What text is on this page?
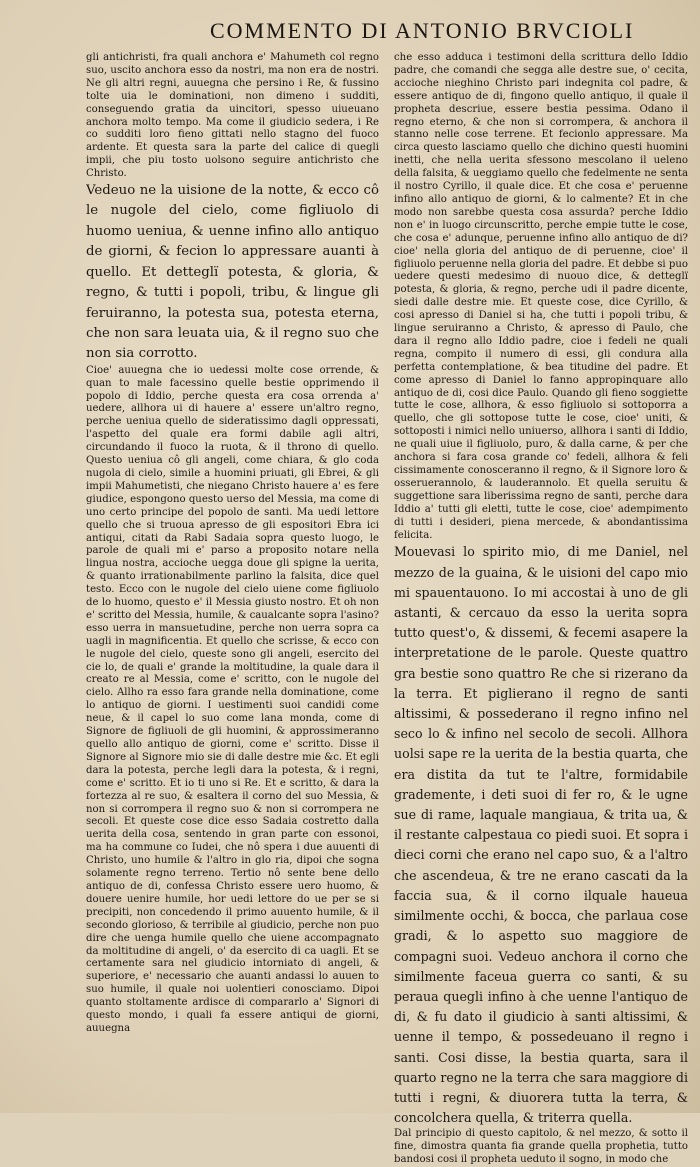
COMMENTO DI ANTONIO BRVCIOLI

gli antichristi, fra quali anchora e' Mahumeth col regno suo, uscito anchora esso da nostri, ma non era de nostri. Ne gli altri regni, auuegna che persino i Re, & fussino tolte uia le dominationi, non dimeno i sudditi, conseguendo gratia da uincitori, spesso uiueuano anchora molto tempo. Ma come il giudicio sedera, i Re co sudditi loro fieno gittati nello stagno del fuoco ardente. Et questa sara la parte del calice di quegli impii, che piu tosto uolsono seguire antichristo che Christo.

Vedeuo ne la uisione de la notte, & ecco cô le nugole del cielo, come figliuolo di huomo ueniua, & uenne infino allo antiquo de giorni, & fecion lo appressare auanti à quello. Et detteglï potesta, & gloria, & regno, & tutti i popoli, tribu, & lingue gli feruiranno, la potesta sua, potesta eterna, che non sara leuata uia, & il regno suo che non sia corrotto.

Cioe' auuegna che io uedessi molte cose orrende, & quan to male facessino quelle bestie opprimendo il popolo di Iddio, perche questa era cosa orrenda a' uedere, allhora ui di hauere a' essere un'altro regno, perche ueniua quello de sideratissimo dagli oppressati, l'aspetto del quale era formi dabile agli altri, circundando il fuoco la ruota, & il throno di quello. Questo ueniua cô gli angeli, come chiara, & glo coda nugola di cielo, simile a huomini priuati, gli Ebrei, & gli impii Mahumetisti, che niegano Christo hauere a' es fere giudice, espongono questo uerso del Messia, ma come di uno certo principe del popolo de santi. Ma uedi lettore quello che si truoua apresso de gli espositori Ebra ici antiqui, citati da Rabi Sadaia sopra questo luogo, le parole de quali mi e' parso a proposito notare nella lingua nostra, accioche uegga doue gli spigne la uerita, & quanto irrationabilmente parlino la falsita, dice quel testo. Ecco con le nugole del cielo uiene come figliuolo de lo huomo, questo e' il Messia giusto nostro. Et oh non e' scritto del Messia, humile, & caualcante sopra l'asino? esso uerra in mansuetudine, perche non uerra sopra ca uagli in magnificentia. Et quello che scrisse, & ecco con le nugole del cielo, queste sono gli angeli, esercito del cie lo, de quali e' grande la moltitudine, la quale dara il creato re al Messia, come e' scritto, con le nugole del cielo. Allho ra esso fara grande nella dominatione, come lo antiquo de giorni. I uestimenti suoi candidi come neue, & il capel lo suo come lana monda, come di Signore de figliuoli de gli huomini, & approssimeranno quello allo antiquo de giorni, come e' scritto. Disse il Signore al Signore mio sie di dalle destre mie &c. Et egli dara la potesta, perche legli dara la potesta, & i regni, come e' scritto. Et io ti uno si Re. Et e scritto, & dara la fortezza al re suo, & esaltera il corno del suo Messia, & non si corrompera il regno suo & non si corrompera ne secoli. Et queste cose dice esso Sadaia costretto dalla uerita della cosa, sentendo in gran parte con essonoi, ma ha commune co Iudei, che nô spera i due auuenti di Christo, uno humile & l'altro in glo ria, dipoi che sogna solamente regno terreno. Tertio nô sente bene dello antiquo de di, confessa Christo essere uero huomo, & douere uenire humile, hor uedi lettore do ue per se si precipiti, non concedendo il primo auuento humile, & il secondo glorioso, & terribile al giudicio, perche non puo dire che uenga humile quello che uiene accompagnato da moltitudine di angeli, o' da esercito di ca uagli. Et se certamente sara nel giudicio intorniato di angeli, & superiore, e' necessario che auanti andassi lo auuen to suo humile, il quale noi uolentieri conosciamo. Dipoi quanto stoltamente ardisce di compararlo a' Signori di questo mondo, i quali fa essere antiqui de giorni, auuegna

che esso adduca i testimoni della scrittura dello Iddio padre, che comandi che segga alle destre sue, o' cecita, accioche nieghino Christo pari indegnita col padre, & essere antiquo de di, fingono quello antiquo, il quale il propheta descriue, essere bestia pessima. Odano il regno eterno, & che non si corrompera, & anchora il stanno nelle cose terrene. Et fecionlo appressare. Ma circa questo lasciamo quello che dichino questi huomini inetti, che nella uerita sfessono mescolano il ueleno della falsita, & ueggiamo quello che fedelmente ne senta il nostro Cyrillo, il quale dice. Et che cosa e' peruenne infino allo antiquo de giorni, & lo calmente? Et in che modo non sarebbe questa cosa assurda? perche Iddio non e' in luogo circunscritto, perche empie tutte le cose, che cosa e' adunque, peruenne infino allo antiquo de di? cioe' nella gloria del antiquo de di peruenne, cioe' il figliuolo peruenne nella gloria del padre. Et debbe si puo uedere questi medesimo di nuouo dice, & detteglï potesta, & gloria, & regno, perche udi il padre dicente, siedi dalle destre mie. Et queste cose, dice Cyrillo, & cosi apresso di Daniel si ha, che tutti i popoli tribu, & lingue seruiranno a Christo, & apresso di Paulo, che dara il regno allo Iddio padre, cioe i fedeli ne quali regna, compito il numero di essi, gli condura alla perfetta contemplatione, & bea titudine del padre. Et come apresso di Daniel lo fanno appropinquare allo antiquo de di, cosi dice Paulo. Quando gli fieno soggiette tutte le cose, allhora, & esso figliuolo si sottoporra a quello, che gli sottopose tutte le cose, cioe' uniti, & sottoposti i nimici nello uniuerso, allhora i santi di Iddio, ne quali uiue il figliuolo, puro, & dalla carne, & per che anchora si fara cosa grande co' fedeli, allhora & feli cissimamente conosceranno il regno, & il Signore loro & osseruerannolo, & lauderannolo. Et quella seruitu & suggettione sara liberissima regno de santi, perche dara Iddio a' tutti gli eletti, tutte le cose, cioe' adempimento di tutti i desideri, piena mercede, & abondantissima felicita.

Mouevasi lo spirito mio, di me Daniel, nel mezzo de la guaina, & le uisioni del capo mio mi spauentauono. Io mi accostai à uno de gli astanti, & cercauo da esso la uerita sopra tutto quest'o, & dissemi, & fecemi asapere la interpretatione de le parole. Queste quattro gra bestie sono quattro Re che si rizerano da la terra. Et piglierano il regno de santi altissimi, & possederano il regno infino nel seco lo & infino nel secolo de secoli. Allhora uolsi sape re la uerita de la bestia quarta, che era distita da tut te l'altre, formidabile grademente, i deti suoi di fer ro, & le ugne sue di rame, laquale mangiaua, & trita ua, & il restante calpestaua co piedi suoi. Et sopra i dieci corni che erano nel capo suo, & a l'altro che ascendeua, & tre ne erano cascati da la faccia sua, & il corno ilquale haueua similmente occhi, & bocca, che parlaua cose gradi, & lo aspetto suo maggiore de compagni suoi. Vedeuo anchora il corno che similmente faceua guerra co santi, & su peraua quegli infino à che uenne l'antiquo de di, & fu dato il giudicio à santi altissimi, & uenne il tempo, & possedeuano il regno i santi. Cosi disse, la bestia quarta, sara il quarto regno ne la terra che sara maggiore di tutti i regni, & diuorera tutta la terra, & concolchera quella, & triterra quella.

Dal principio di questo capitolo, & nel mezzo, & sotto il fine, dimostra quanta fia grande quella prophetia, tutto bandosi cosi il propheta ueduto il sogno, in modo che
